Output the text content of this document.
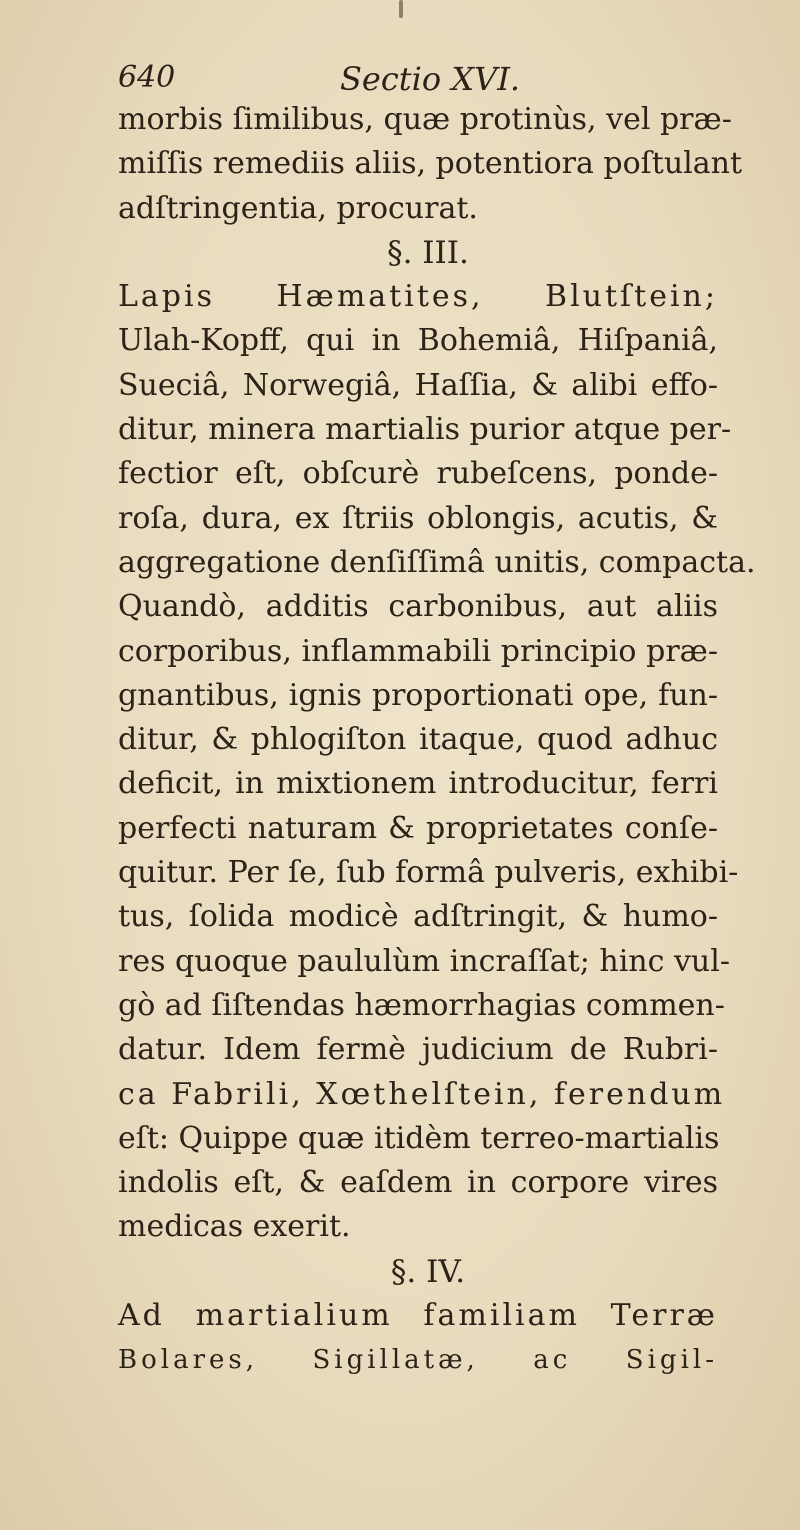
640	Sectio XVI.
morbis ſimilibus, quæ protinùs, vel præ-
miſſis remediis aliis, potentiora poſtulant
adſtringentia, procurat.
§. III.
Lapis Hæmatites, Blutſtein;
Ulah-Kopff, qui in Bohemiâ, Hiſpaniâ,
Sueciâ, Norwegiâ, Haſſia, & alibi effo-
ditur, minera martialis purior atque per-
fectior eſt, obſcurè rubeſcens, ponde-
roſa, dura, ex ſtriis oblongis, acutis, &
aggregatione denſiſſimâ unitis, compacta.
Quandò, additis carbonibus, aut aliis
corporibus, inflammabili principio præ-
gnantibus, ignis proportionati ope, fun-
ditur, & phlogiſton itaque, quod adhuc
deficit, in mixtionem introducitur, ferri
perfecti naturam & proprietates conſe-
quitur. Per ſe, ſub formâ pulveris, exhibi-
tus, ſolida modicè adſtringit, & humo-
res quoque paululùm incraſſat; hinc vul-
gò ad ſiſtendas hæmorrhagias commen-
datur. Idem fermè judicium de Rubri-
ca Fabrili, Xœthelſtein, ferendum
eſt: Quippe quæ itidèm terreo-martialis
indolis eſt, & eaſdem in corpore vires
medicas exerit.
§. IV.
Ad martialium familiam Terræ
Bolares, Sigillatæ, ac Sigil-
